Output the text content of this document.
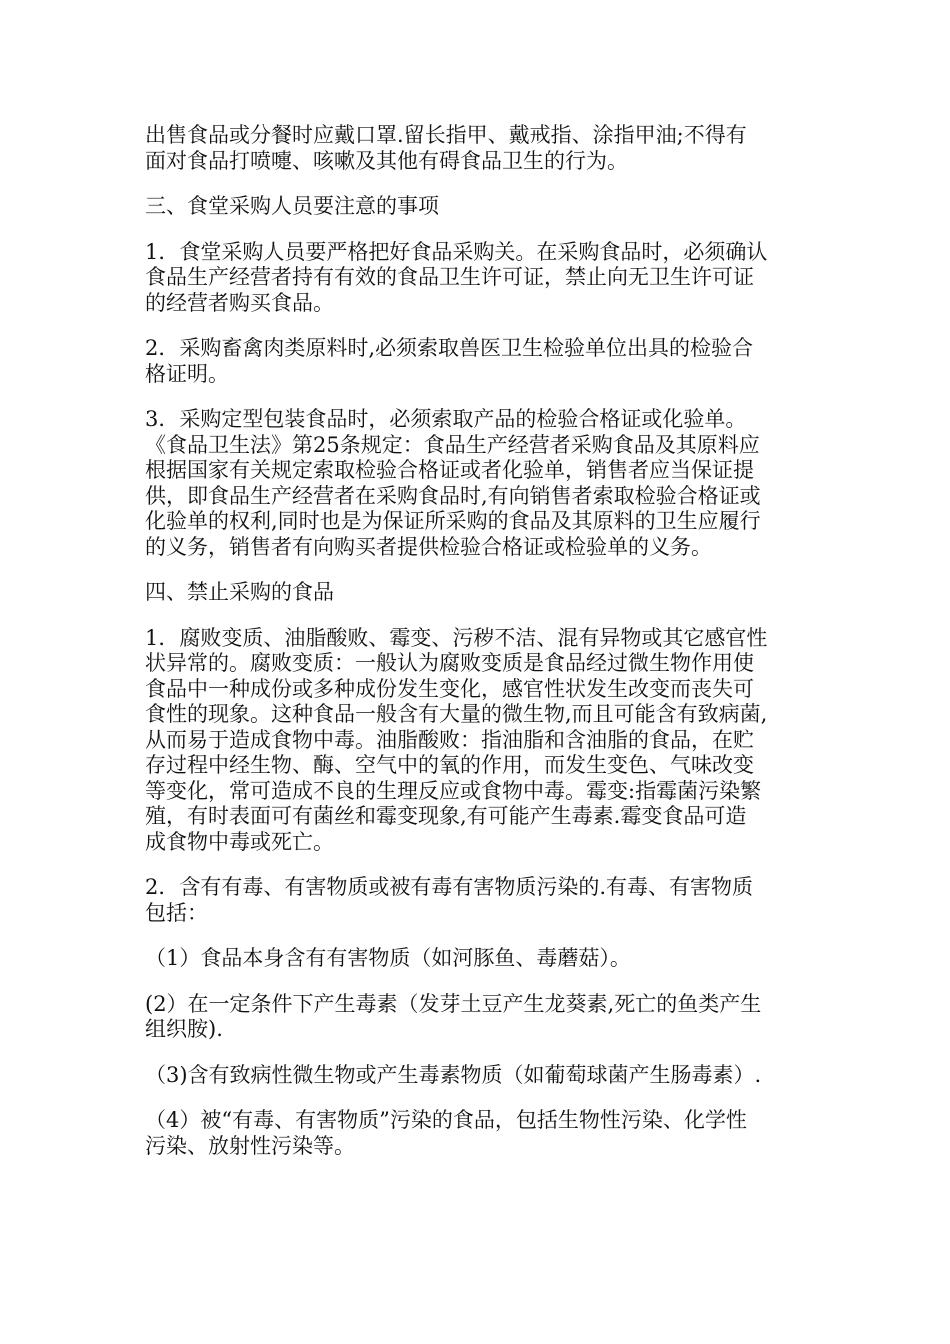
出售食品或分餐时应戴口罩.留长指甲、戴戒指、涂指甲油;不得有
面对食品打喷嚏、咳嗽及其他有碍食品卫生的行为。

三、食堂采购人员要注意的事项

1．食堂采购人员要严格把好食品采购关。在采购食品时，必须确认
食品生产经营者持有有效的食品卫生许可证，禁止向无卫生许可证
的经营者购买食品。

2．采购畜禽肉类原料时,必须索取兽医卫生检验单位出具的检验合
格证明。

3．采购定型包装食品时，必须索取产品的检验合格证或化验单。
《食品卫生法》第25条规定：食品生产经营者采购食品及其原料应
根据国家有关规定索取检验合格证或者化验单，销售者应当保证提
供，即食品生产经营者在采购食品时,有向销售者索取检验合格证或
化验单的权利,同时也是为保证所采购的食品及其原料的卫生应履行
的义务，销售者有向购买者提供检验合格证或检验单的义务。

四、禁止采购的食品

1．腐败变质、油脂酸败、霉变、污秽不洁、混有异物或其它感官性
状异常的。腐败变质：一般认为腐败变质是食品经过微生物作用使
食品中一种成份或多种成份发生变化，感官性状发生改变而丧失可
食性的现象。这种食品一般含有大量的微生物,而且可能含有致病菌,
从而易于造成食物中毒。油脂酸败：指油脂和含油脂的食品，在贮
存过程中经生物、酶、空气中的氧的作用，而发生变色、气味改变
等变化，常可造成不良的生理反应或食物中毒。霉变:指霉菌污染繁
殖，有时表面可有菌丝和霉变现象,有可能产生毒素.霉变食品可造
成食物中毒或死亡。

2．含有有毒、有害物质或被有毒有害物质污染的.有毒、有害物质
包括：

（1）食品本身含有有害物质（如河豚鱼、毒蘑菇）。

(2）在一定条件下产生毒素（发芽土豆产生龙葵素,死亡的鱼类产生
组织胺).

（3)含有致病性微生物或产生毒素物质（如葡萄球菌产生肠毒素）.

（4）被“有毒、有害物质”污染的食品，包括生物性污染、化学性
污染、放射性污染等。
